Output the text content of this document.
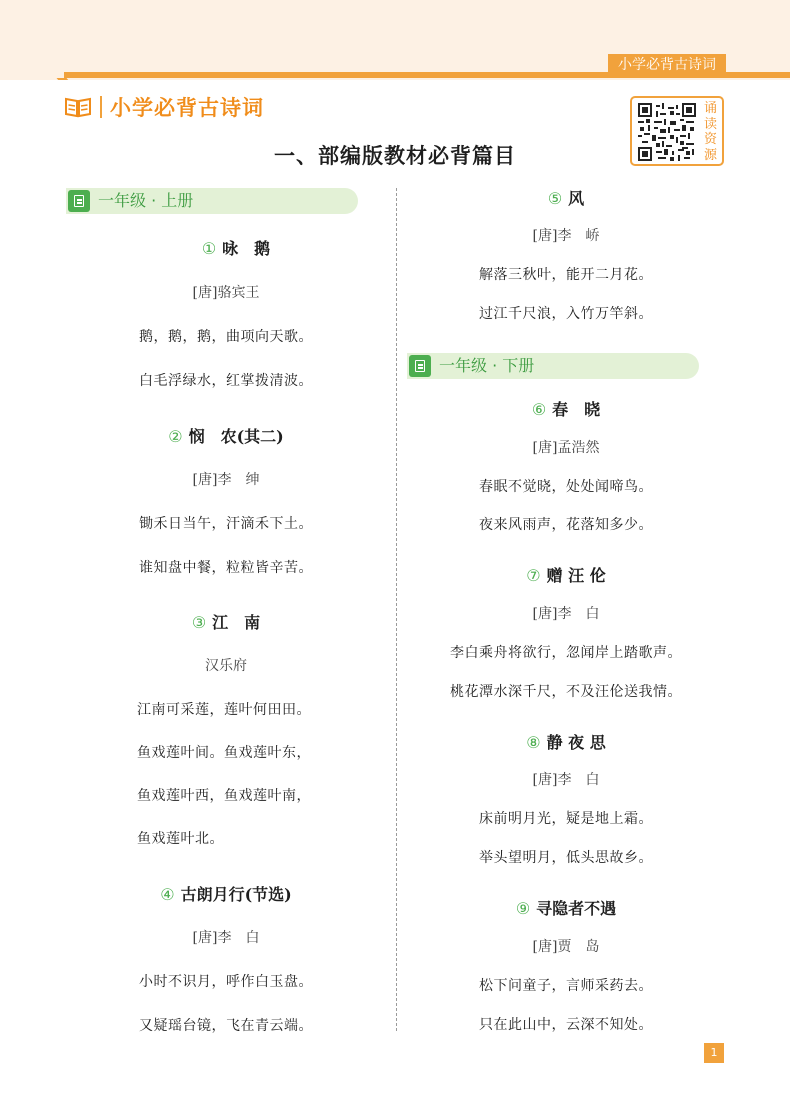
小学必背古诗词
小学必背古诗词
一、部编版教材必背篇目
诵读资源
一年级 · 上册
① 咏　鹅
[唐]骆宾王
鹅，鹅，鹅，曲项向天歌。
白毛浮绿水，红掌拨清波。
② 悯　农(其二)
[唐]李　绅
锄禾日当午，汗滴禾下土。
谁知盘中餐，粒粒皆辛苦。
③ 江　南
汉乐府
江南可采莲，莲叶何田田。
鱼戏莲叶间。鱼戏莲叶东，
鱼戏莲叶西，鱼戏莲叶南，
鱼戏莲叶北。
④ 古朗月行(节选)
[唐]李　白
小时不识月，呼作白玉盘。
又疑瑶台镜，飞在青云端。
⑤ 风
[唐]李　峤
解落三秋叶，能开二月花。
过江千尺浪，入竹万竿斜。
一年级 · 下册
⑥ 春　晓
[唐]孟浩然
春眠不觉晓，处处闻啼鸟。
夜来风雨声，花落知多少。
⑦ 赠 汪 伦
[唐]李　白
李白乘舟将欲行，忽闻岸上踏歌声。
桃花潭水深千尺，不及汪伦送我情。
⑧ 静 夜 思
[唐]李　白
床前明月光，疑是地上霜。
举头望明月，低头思故乡。
⑨ 寻隐者不遇
[唐]贾　岛
松下问童子，言师采药去。
只在此山中，云深不知处。
1
